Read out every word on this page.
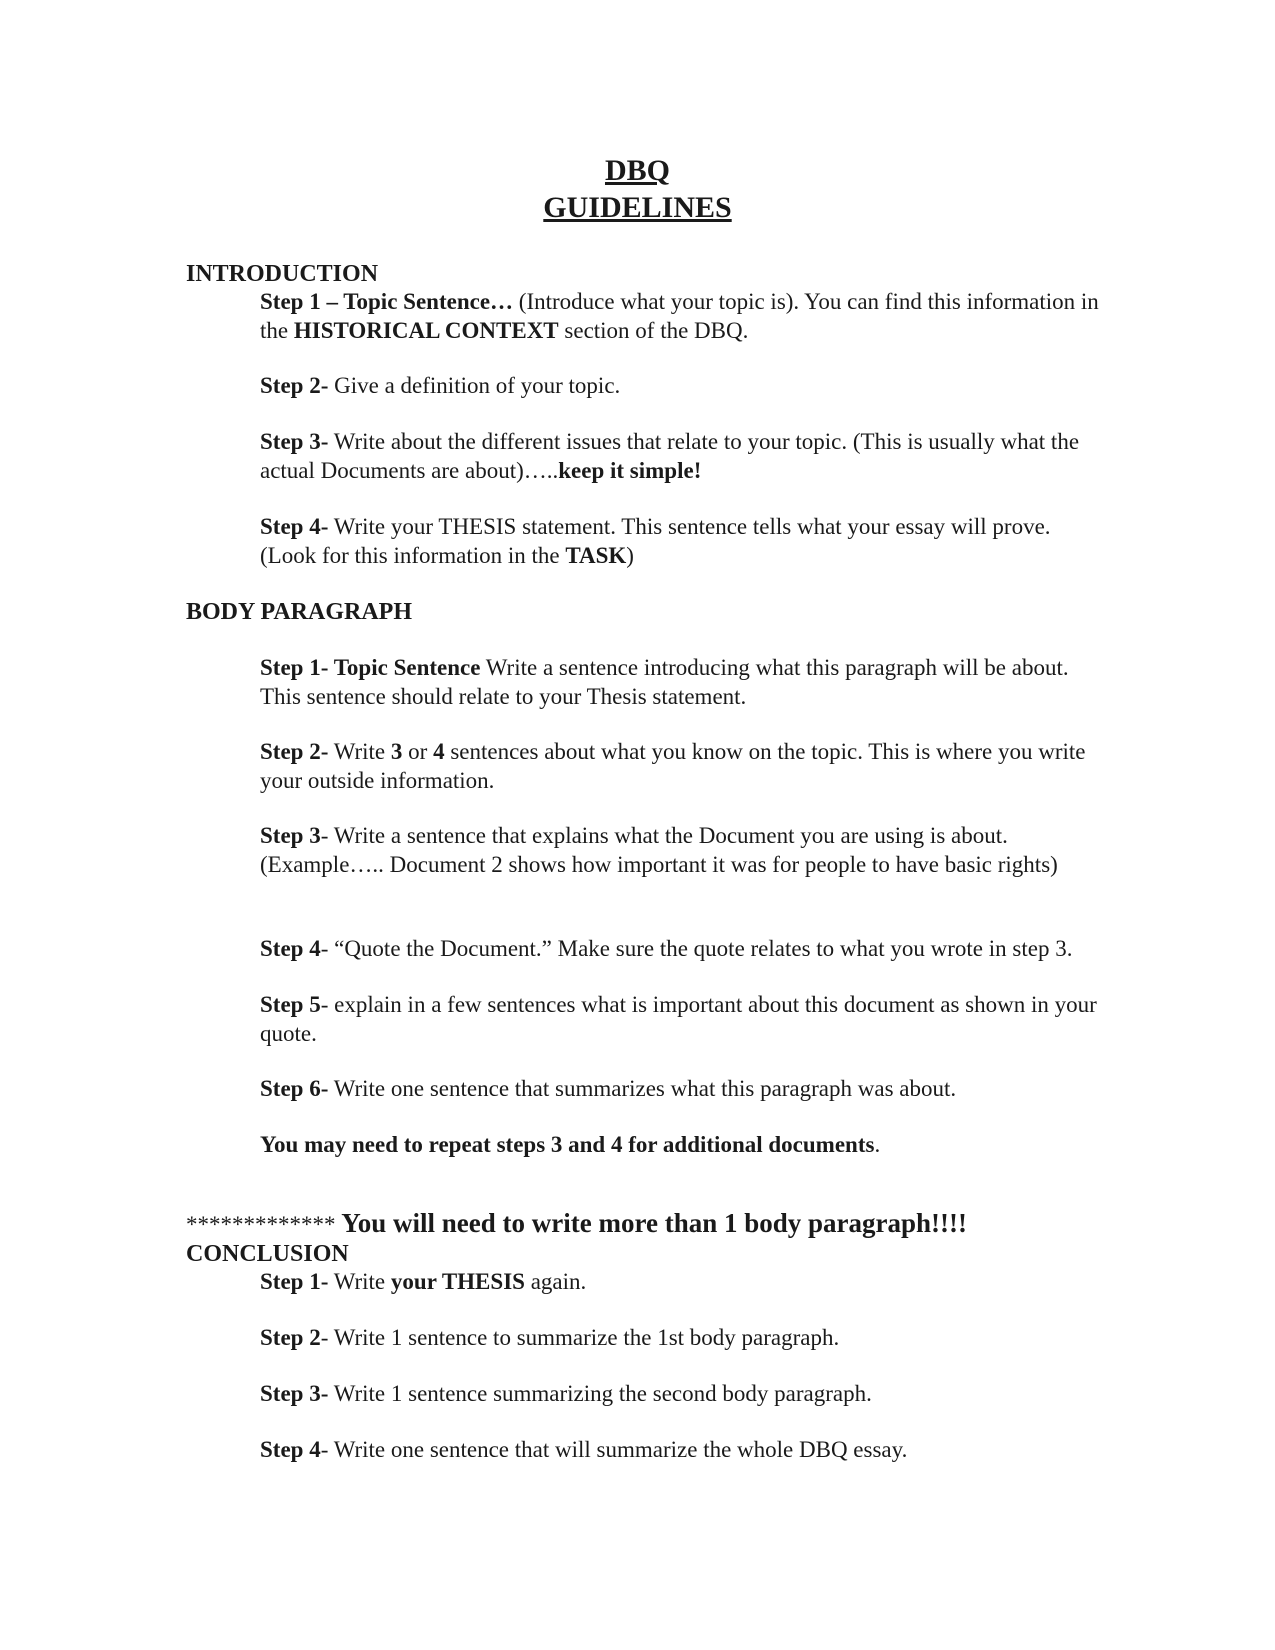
DBQ
GUIDELINES
INTRODUCTION
Step 1 – Topic Sentence… (Introduce what your topic is). You can find this information in the HISTORICAL CONTEXT section of the DBQ.
Step 2- Give a definition of your topic.
Step 3- Write about the different issues that relate to your topic. (This is usually what the actual Documents are about)…..keep it simple!
Step 4- Write your THESIS statement. This sentence tells what your essay will prove. (Look for this information in the TASK)
BODY PARAGRAPH
Step 1- Topic Sentence Write a sentence introducing what this paragraph will be about. This sentence should relate to your Thesis statement.
Step 2- Write 3 or 4 sentences about what you know on the topic. This is where you write your outside information.
Step 3- Write a sentence that explains what the Document you are using is about. (Example….. Document 2 shows how important it was for people to have basic rights)
Step 4- “Quote the Document.” Make sure the quote relates to what you wrote in step 3.
Step 5- explain in a few sentences what is important about this document as shown in your quote.
Step 6- Write one sentence that summarizes what this paragraph was about.
You may need to repeat steps 3 and 4 for additional documents.
************* You will need to write more than 1 body paragraph!!!!
CONCLUSION
Step 1- Write your THESIS again.
Step 2- Write 1 sentence to summarize the 1st body paragraph.
Step 3- Write 1 sentence summarizing the second body paragraph.
Step 4- Write one sentence that will summarize the whole DBQ essay.
